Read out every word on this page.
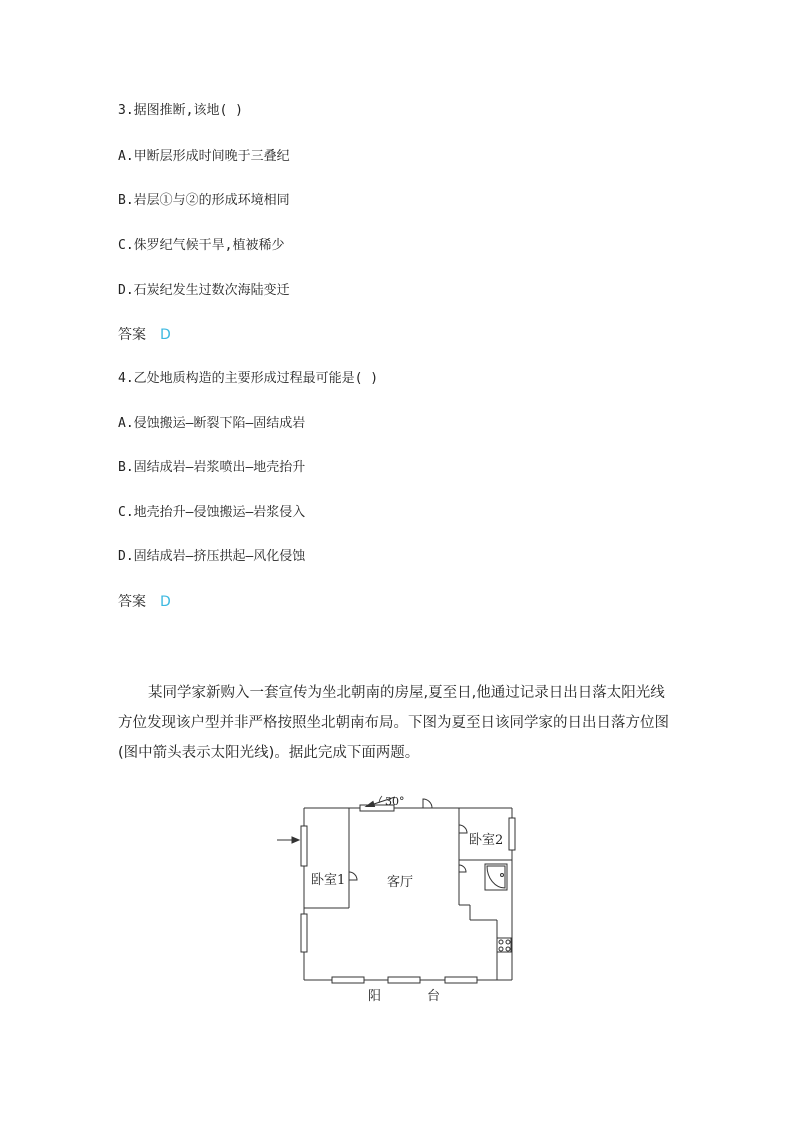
3.据图推断,该地( )
A.甲断层形成时间晚于三叠纪
B.岩层①与②的形成环境相同
C.侏罗纪气候干旱,植被稀少
D.石炭纪发生过数次海陆变迁
答案 D
4.乙处地质构造的主要形成过程最可能是( )
A.侵蚀搬运—断裂下陷—固结成岩
B.固结成岩—岩浆喷出—地壳抬升
C.地壳抬升—侵蚀搬运—岩浆侵入
D.固结成岩—挤压拱起—风化侵蚀
答案 D
某同学家新购入一套宣传为坐北朝南的房屋,夏至日,他通过记录日出日落太阳光线方位发现该户型并非严格按照坐北朝南布局。下图为夏至日该同学家的日出日落方位图(图中箭头表示太阳光线)。据此完成下面两题。
30°
卧室1	客厅
卧室2
阳	台
